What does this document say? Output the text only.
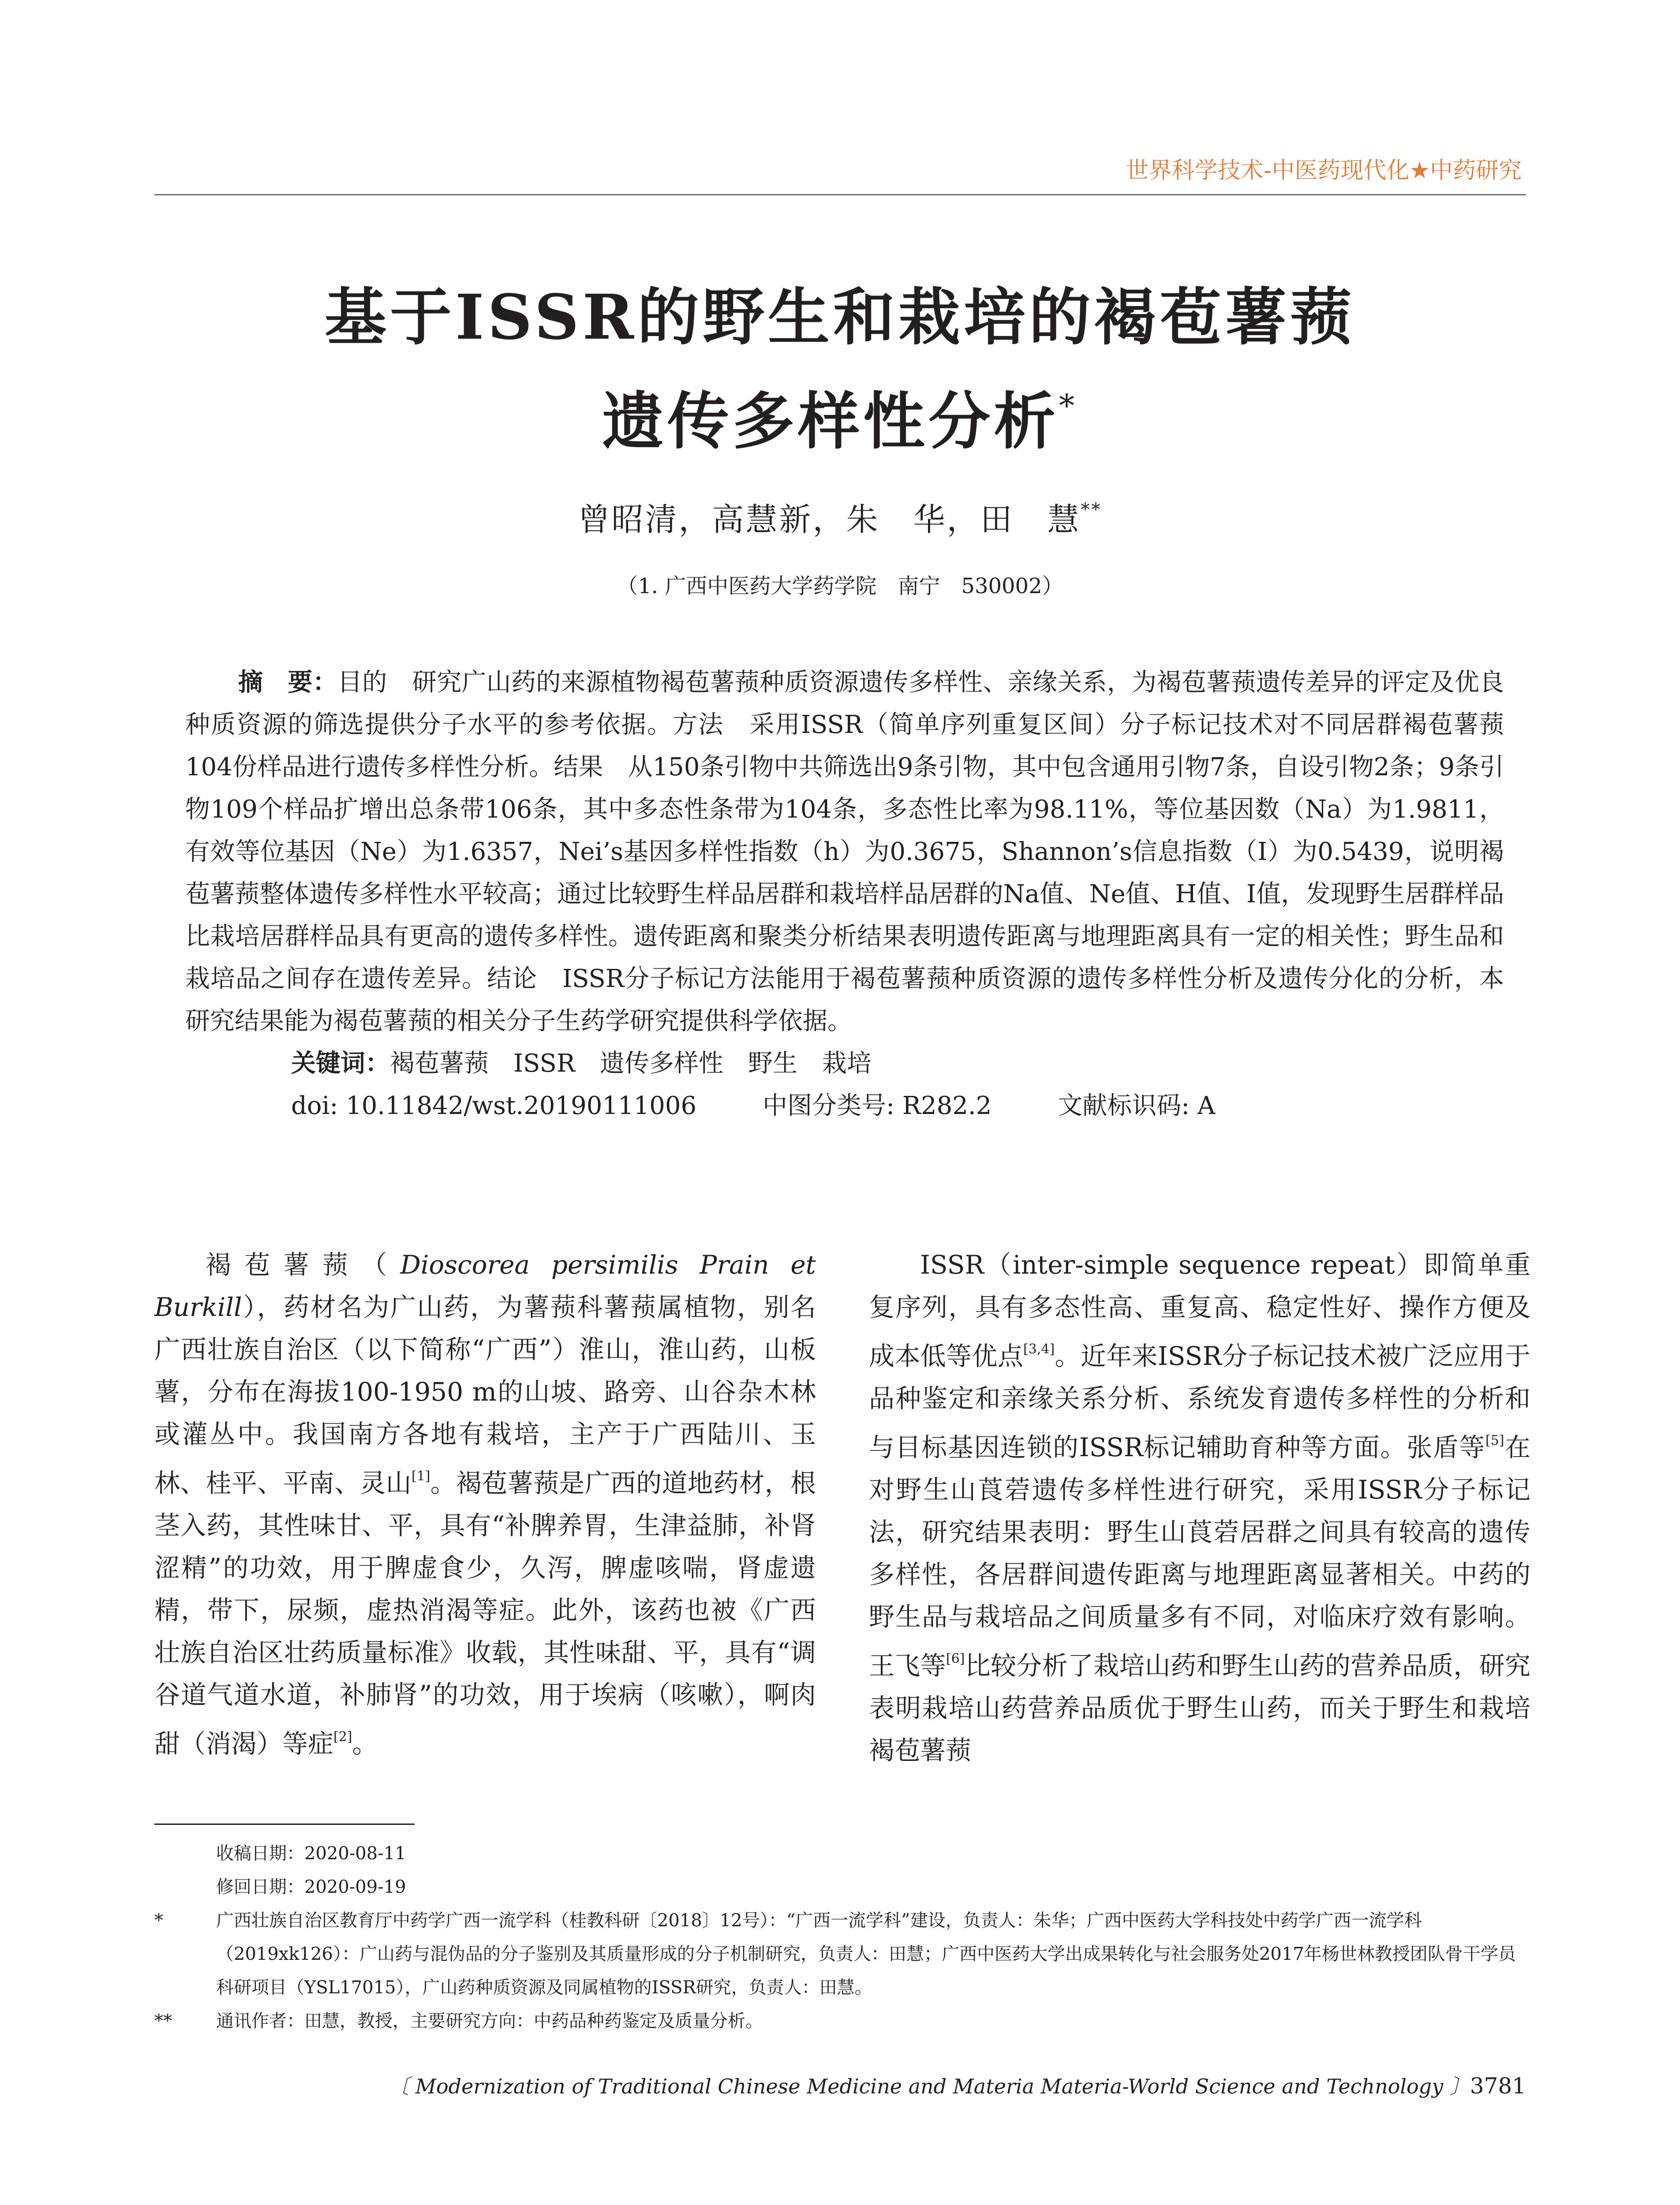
世界科学技术-中医药现代化★中药研究
基于ISSR的野生和栽培的褐苞薯蓣
遗传多样性分析*
曾昭清，高慧新，朱　华，田　慧**
（1. 广西中医药大学药学院　南宁　530002）

摘　要：目的　 研究广山药的来源植物褐苞薯蓣种质资源遗传多样性、亲缘关系，为褐苞薯蓣遗传差异的评定及优良种质资源的筛选提供分子水平的参考依据。方法　 采用ISSR（简单序列重复区间）分子标记技术对不同居群褐苞薯蓣104份样品进行遗传多样性分析。结果　 从150条引物中共筛选出9条引物，其中包含通用引物7条，自设引物2条；9条引物109个样品扩增出总条带106条，其中多态性条带为104条，多态性比率为98.11%，等位基因数（Na）为1.9811，有效等位基因（Ne）为1.6357，Nei’s基因多样性指数（h）为0.3675，Shannon’s信息指数（I）为0.5439，说明褐苞薯蓣整体遗传多样性水平较高；通过比较野生样品居群和栽培样品居群的Na值、Ne值、H值、I值，发现野生居群样品比栽培居群样品具有更高的遗传多样性。遗传距离和聚类分析结果表明遗传距离与地理距离具有一定的相关性；野生品和栽培品之间存在遗传差异。结论　 ISSR分子标记方法能用于褐苞薯蓣种质资源的遗传多样性分析及遗传分化的分析，本研究结果能为褐苞薯蓣的相关分子生药学研究提供科学依据。

关键词：褐苞薯蓣　ISSR　遗传多样性　野生　栽培

doi: 10.11842/wst.20190111006	中图分类号: R282.2	文献标识码: A

褐苞薯蓣（Dioscorea persimilis Prain et Burkill），药材名为广山药，为薯蓣科薯蓣属植物，别名广西壮族自治区（以下简称“广西”）淮山，淮山药，山板薯，分布在海拔100-1950 m的山坡、路旁、山谷杂木林或灌丛中。我国南方各地有栽培，主产于广西陆川、玉林、桂平、平南、灵山[1]。褐苞薯蓣是广西的道地药材，根茎入药，其性味甘、平，具有“补脾养胃，生津益肺，补肾涩精”的功效，用于脾虚食少，久泻，脾虚咳喘，肾虚遗精，带下，尿频，虚热消渴等症。此外，该药也被《广西壮族自治区壮药质量标准》收载，其性味甜、平，具有“调谷道气道水道，补肺肾”的功效，用于埃病（咳嗽），啊肉甜（消渴）等症[2]。

ISSR（inter-simple sequence repeat）即简单重复序列，具有多态性高、重复高、稳定性好、操作方便及成本低等优点[3,4]。近年来ISSR分子标记技术被广泛应用于品种鉴定和亲缘关系分析、系统发育遗传多样性的分析和与目标基因连锁的ISSR标记辅助育种等方面。张盾等[5]在对野生山莨菪遗传多样性进行研究，采用ISSR分子标记法，研究结果表明：野生山莨菪居群之间具有较高的遗传多样性，各居群间遗传距离与地理距离显著相关。中药的野生品与栽培品之间质量多有不同，对临床疗效有影响。王飞等[6]比较分析了栽培山药和野生山药的营养品质，研究表明栽培山药营养品质优于野生山药，而关于野生和栽培褐苞薯蓣

收稿日期：2020-08-11
修回日期：2020-09-19
*	广西壮族自治区教育厅中药学广西一流学科（桂教科研〔2018〕12号）：“广西一流学科”建设，负责人：朱华；广西中医药大学科技处中药学广西一流学科（2019xk126）：广山药与混伪品的分子鉴别及其质量形成的分子机制研究，负责人：田慧；广西中医药大学出成果转化与社会服务处2017年杨世林教授团队骨干学员科研项目（YSL17015），广山药种质资源及同属植物的ISSR研究，负责人：田慧。
**	通讯作者：田慧，教授，主要研究方向：中药品种药鉴定及质量分析。
〔 Modernization of Traditional Chinese Medicine and Materia Materia-World Science and Technology 〕3781
